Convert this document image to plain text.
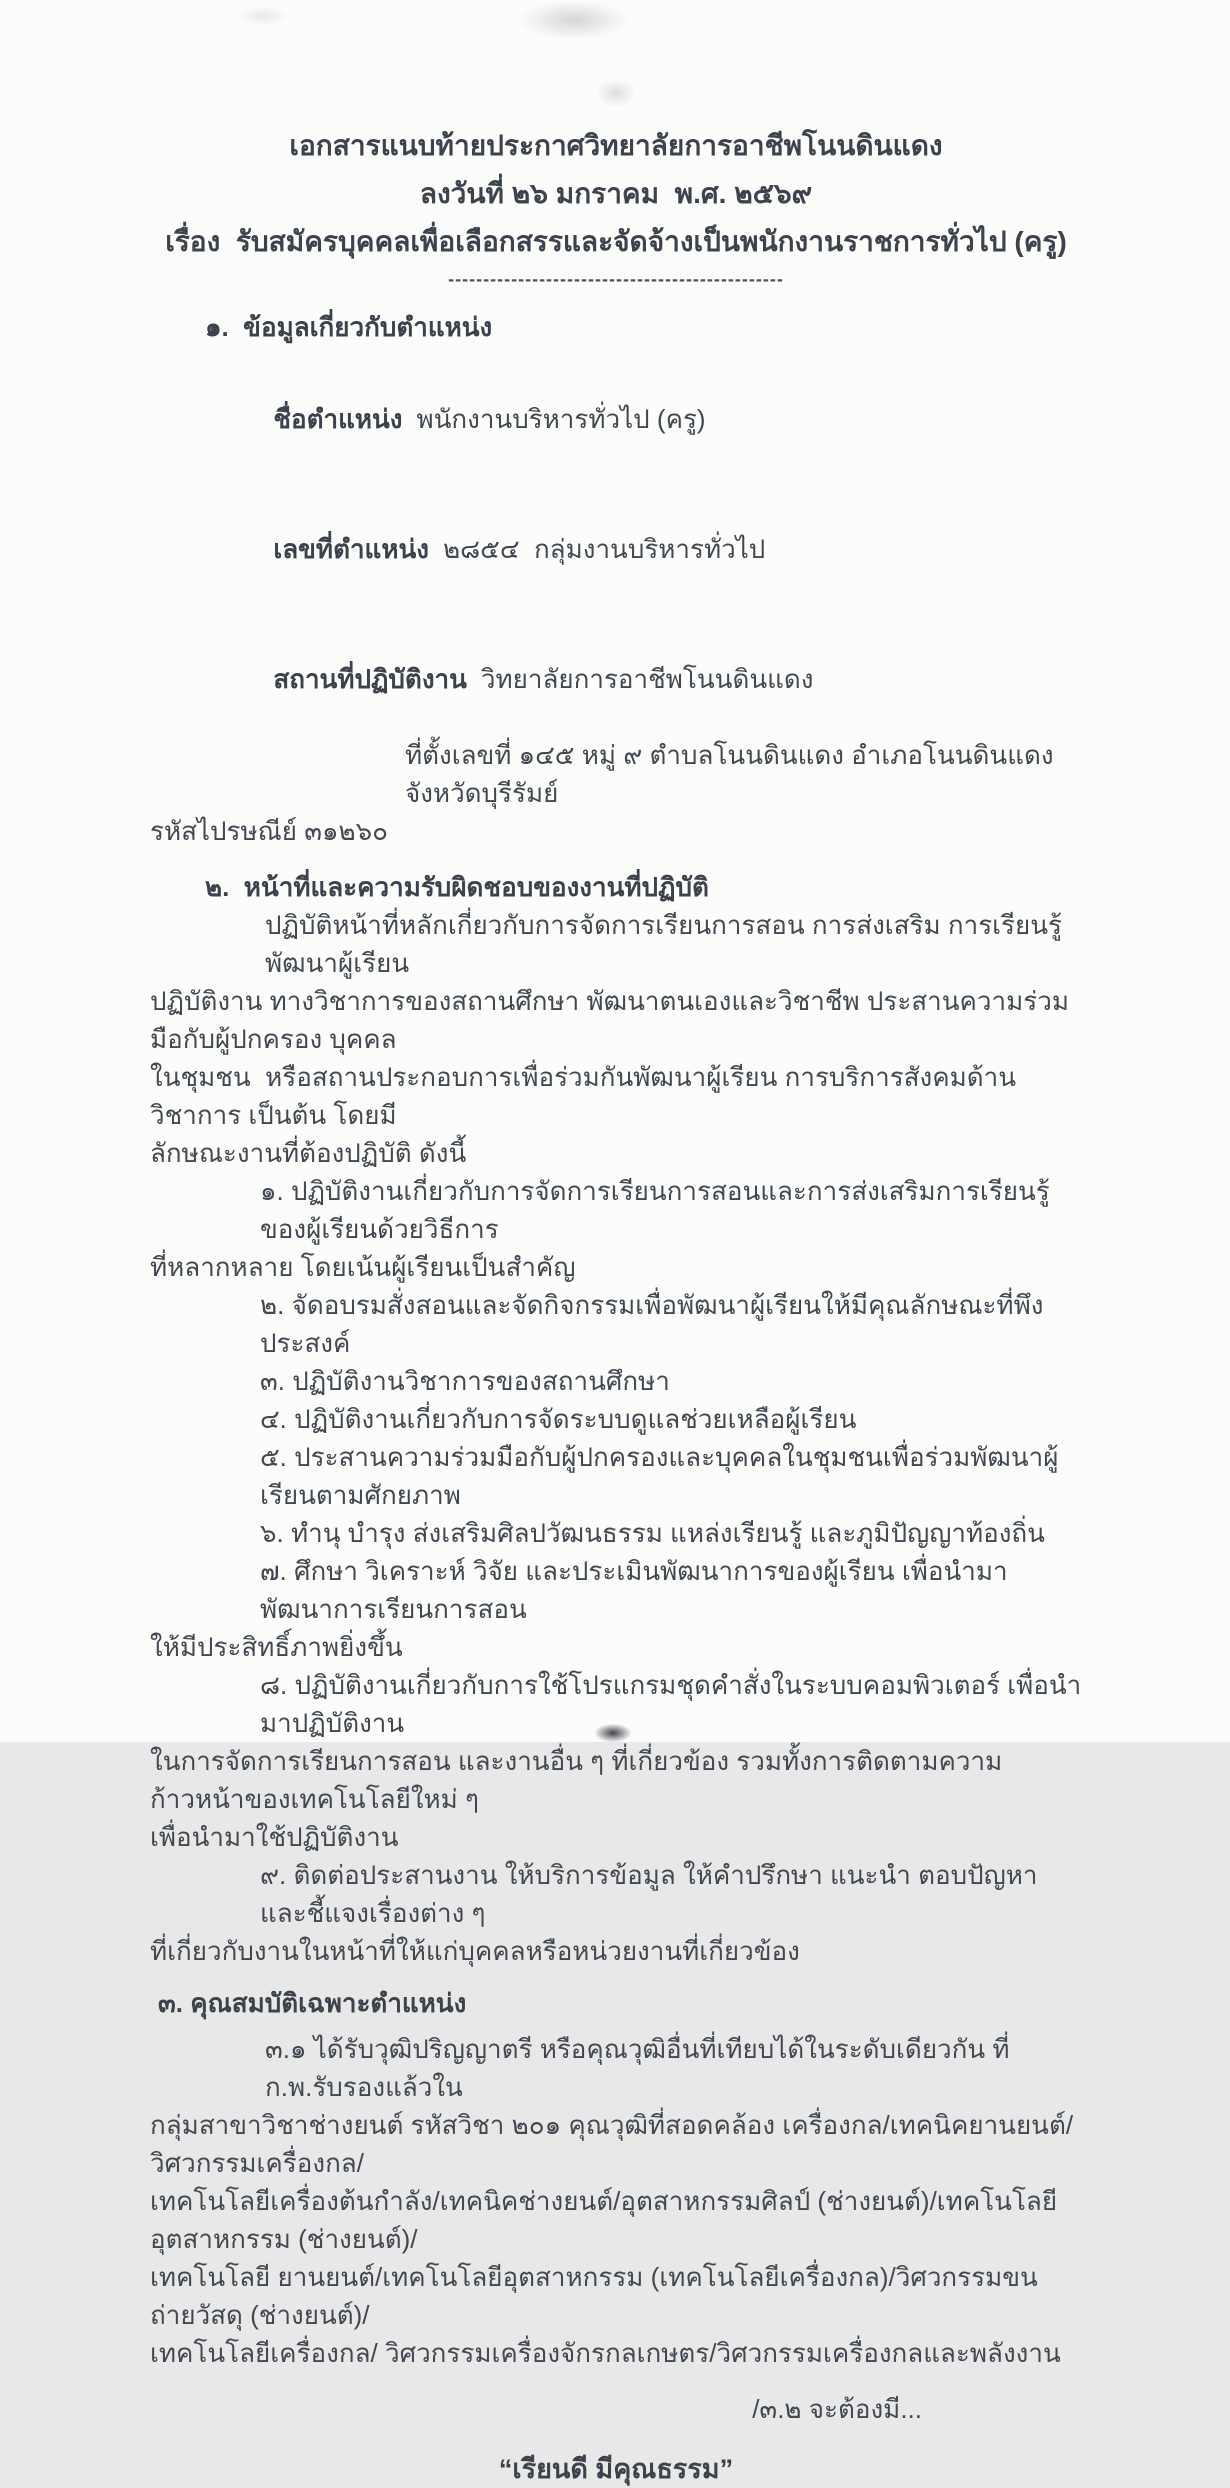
เอกสารแนบท้ายประกาศวิทยาลัยการอาชีพโนนดินแดง
ลงวันที่ ๒๖ มกราคม  พ.ศ. ๒๕๖๙
เรื่อง  รับสมัครบุคคลเพื่อเลือกสรรและจัดจ้างเป็นพนักงานราชการทั่วไป (ครู)
------------------------------------------------
๑.  ข้อมูลเกี่ยวกับตำแหน่ง

ชื่อตำแหน่ง พนักงานบริหารทั่วไป (ครู)

เลขที่ตำแหน่ง ๒๘๕๔  กลุ่มงานบริหารทั่วไป

สถานที่ปฏิบัติงาน วิทยาลัยการอาชีพโนนดินแดง

ที่ตั้งเลขที่ ๑๔๕ หมู่ ๙ ตำบลโนนดินแดง อำเภอโนนดินแดง จังหวัดบุรีรัมย์
รหัสไปรษณีย์ ๓๑๒๖๐
๒.  หน้าที่และความรับผิดชอบของงานที่ปฏิบัติ
ปฏิบัติหน้าที่หลักเกี่ยวกับการจัดการเรียนการสอน การส่งเสริม การเรียนรู้ พัฒนาผู้เรียน
ปฏิบัติงาน ทางวิชาการของสถานศึกษา พัฒนาตนเองและวิชาชีพ ประสานความร่วมมือกับผู้ปกครอง บุคคล
ในชุมชน  หรือสถานประกอบการเพื่อร่วมกันพัฒนาผู้เรียน การบริการสังคมด้านวิชาการ เป็นต้น โดยมี
ลักษณะงานที่ต้องปฏิบัติ ดังนี้
๑. ปฏิบัติงานเกี่ยวกับการจัดการเรียนการสอนและการส่งเสริมการเรียนรู้ของผู้เรียนด้วยวิธีการ
ที่หลากหลาย โดยเน้นผู้เรียนเป็นสำคัญ
๒. จัดอบรมสั่งสอนและจัดกิจกรรมเพื่อพัฒนาผู้เรียนให้มีคุณลักษณะที่พึงประสงค์
๓. ปฏิบัติงานวิชาการของสถานศึกษา
๔. ปฏิบัติงานเกี่ยวกับการจัดระบบดูแลช่วยเหลือผู้เรียน
๕. ประสานความร่วมมือกับผู้ปกครองและบุคคลในชุมชนเพื่อร่วมพัฒนาผู้เรียนตามศักยภาพ
๖. ทำนุ บำรุง ส่งเสริมศิลปวัฒนธรรม แหล่งเรียนรู้ และภูมิปัญญาท้องถิ่น
๗. ศึกษา วิเคราะห์ วิจัย และประเมินพัฒนาการของผู้เรียน เพื่อนำมาพัฒนาการเรียนการสอน
ให้มีประสิทธิ์ภาพยิ่งขึ้น
๘. ปฏิบัติงานเกี่ยวกับการใช้โปรแกรมชุดคำสั่งในระบบคอมพิวเตอร์ เพื่อนำมาปฏิบัติงาน
ในการจัดการเรียนการสอน และงานอื่น ๆ ที่เกี่ยวข้อง รวมทั้งการติดตามความก้าวหน้าของเทคโนโลยีใหม่ ๆ
เพื่อนำมาใช้ปฏิบัติงาน
๙. ติดต่อประสานงาน ให้บริการข้อมูล ให้คำปรึกษา แนะนำ ตอบปัญหา และชี้แจงเรื่องต่าง ๆ
ที่เกี่ยวกับงานในหน้าที่ให้แก่บุคคลหรือหน่วยงานที่เกี่ยวข้อง
๓. คุณสมบัติเฉพาะตำแหน่ง
๓.๑ ได้รับวุฒิปริญญาตรี หรือคุณวุฒิอื่นที่เทียบได้ในระดับเดียวกัน ที่ ก.พ.รับรองแล้วใน
กลุ่มสาขาวิชาช่างยนต์ รหัสวิชา ๒๐๑ คุณวุฒิที่สอดคล้อง เครื่องกล/เทคนิคยานยนต์/วิศวกรรมเครื่องกล/
เทคโนโลยีเครื่องต้นกำลัง/เทคนิคช่างยนต์/อุตสาหกรรมศิลป์ (ช่างยนต์)/เทคโนโลยีอุตสาหกรรม (ช่างยนต์)/
เทคโนโลยี ยานยนต์/เทคโนโลยีอุตสาหกรรม (เทคโนโลยีเครื่องกล)/วิศวกรรมขนถ่ายวัสดุ (ช่างยนต์)/
เทคโนโลยีเครื่องกล/ วิศวกรรมเครื่องจักรกลเกษตร/วิศวกรรมเครื่องกลและพลังงาน
/๓.๒ จะต้องมี...
“เรียนดี มีคุณธรรม”
